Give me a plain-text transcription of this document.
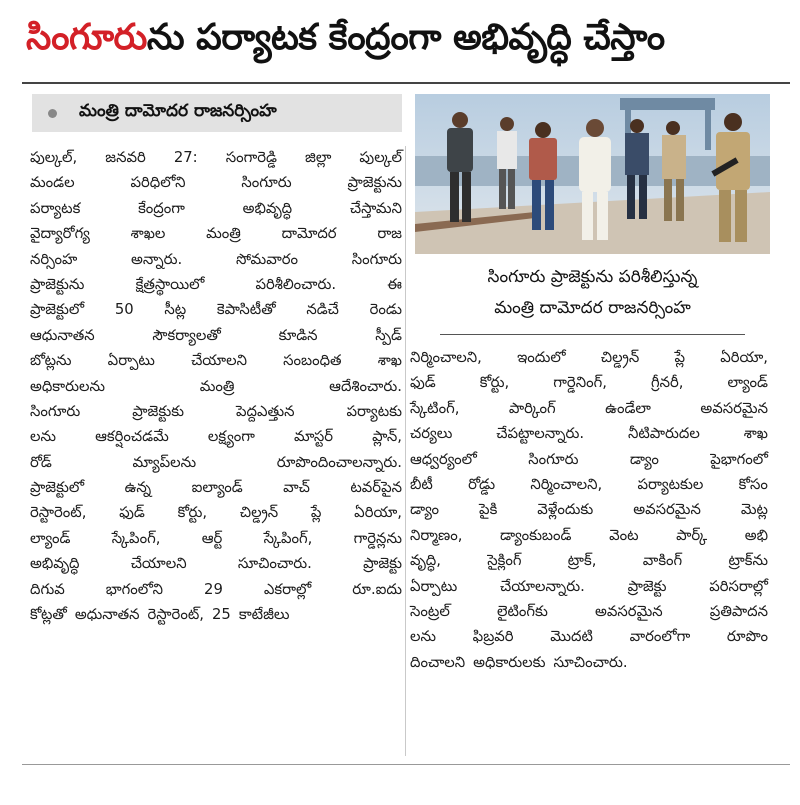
సింగూరు ను పర్యాటక కేంద్రంగా అభివృద్ధి చేస్తాం
మంత్రి దామోదర రాజనర్సింహ
సింగూరు ప్రాజెక్టును పరిశీలిస్తున్న
మంత్రి దామోదర రాజనర్సింహ
పుల్కల్, జనవరి 27: సంగారెడ్డి జిల్లా పుల్కల్
మండల	పరిధిలోని	సింగూరు	ప్రాజెక్టును
పర్యాటక	కేంద్రంగా	అభివృద్ధి	చేస్తామని
వైద్యారోగ్య	శాఖల	మంత్రి	దామోదర	రాజ
నర్సింహ	అన్నారు.	సోమవారం	సింగూరు
ప్రాజెక్టును	క్షేత్రస్థాయిలో	పరిశీలించారు.	ఈ
ప్రాజెక్టులో 50 సీట్ల కెపాసిటీతో నడిచే రెండు
ఆధునాతన	సౌకర్యాలతో	కూడిన	స్పీడ్
బోట్లను ఏర్పాటు చేయాలని సంబంధిత శాఖ
అధికారులను	మంత్రి	ఆదేశించారు.
సింగూరు	ప్రాజెక్టుకు	పెద్దఎత్తున	పర్యాటకు
లను	ఆకర్షించడమే	లక్ష్యంగా	మాస్టర్	ప్లాన్,
రోడ్	మ్యాప్‌లను	రూపొందించాలన్నారు.
ప్రాజెక్టులో	ఉన్న	ఐల్యాండ్	వాచ్	టవర్‌పైన
రెస్టారెంట్, ఫుడ్ కోర్టు, చిల్డ్రన్ ప్లే ఏరియా,
ల్యాండ్	స్కేపింగ్,	ఆర్ట్	స్కేపింగ్,	గార్డెన్లను
అభివృద్ధి	చేయాలని	సూచించారు.	ప్రాజెక్టు
దిగువ	భాగంలోని	29	ఎకరాల్లో	రూ.ఐదు
కోట్లతో అధునాతన రెస్టారెంట్, 25 కాటేజీలు
నిర్మించాలని, ఇందులో చిల్డ్రన్ ప్లే ఏరియా,
ఫుడ్	కోర్టు,	గార్డెనింగ్,	గ్రీనరీ,	ల్యాండ్
స్కేటింగ్,	పార్కింగ్	ఉండేలా	అవసరమైన
చర్యలు	చేపట్టాలన్నారు.	నీటిపారుదల	శాఖ
ఆధ్వర్యంలో	సింగూరు	డ్యాం	పైభాగంలో
బీటీ రోడ్డు నిర్మించాలని, పర్యాటకుల కోసం
డ్యాం	పైకి	వెళ్లేందుకు	అవసరమైన	మెట్ల
నిర్మాణం,	డ్యాంకుబండ్	వెంట	పార్క్	అభి
వృద్ధి,	సైక్లింగ్	ట్రాక్,	వాకింగ్	ట్రాక్‌ను
ఏర్పాటు	చేయాలన్నారు.	ప్రాజెక్టు	పరిసరాల్లో
సెంట్రల్	లైటింగ్‌కు	అవసరమైన	ప్రతిపాదన
లను ఫిబ్రవరి మొదటి వారంలోగా రూపొం
దించాలని అధికారులకు సూచించారు.
